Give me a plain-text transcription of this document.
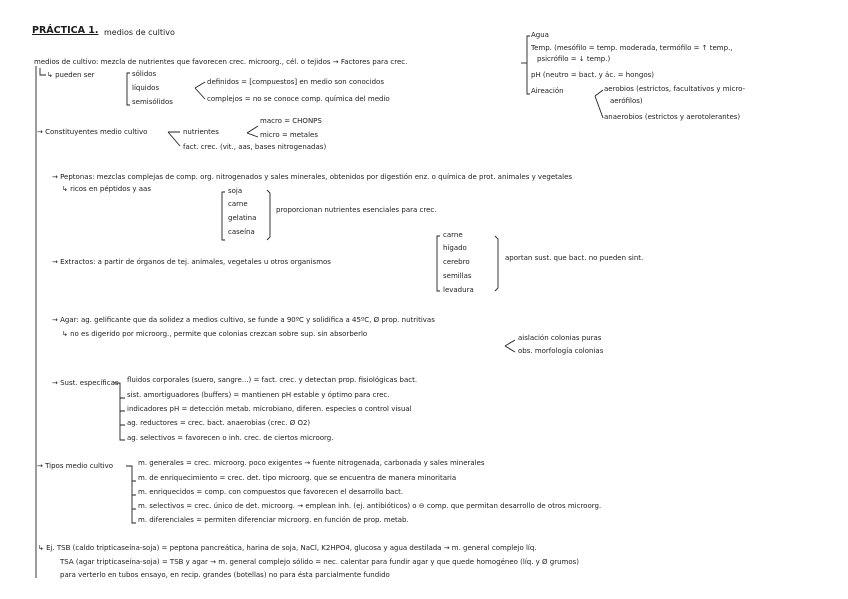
PRÁCTICA 1. medios de cultivo
medios de cultivo: mezcla de nutrientes que favorecen crec. microorg., cél. o tejidos → Factores para crec.
Agua
Temp. (mesófilo = temp. moderada, termófilo = ↑ temp.,
psicrófilo = ↓ temp.)
pH (neutro = bact. y ác. = hongos)
Aireación	aerobios (estrictos, facultativos y micro-
aerófilos)
anaerobios (estrictos y aerotolerantes)
↳ pueden ser	sólidos
líquidos
semisólidos
definidos = [compuestos] en medio son conocidos
complejos = no se conoce comp. química del medio
→ Constituyentes medio cultivo	nutrientes
macro = CHONPS
micro = metales
fact. crec. (vit., aas, bases nitrogenadas)
→ Peptonas: mezclas complejas de comp. org. nitrogenados y sales minerales, obtenidos por digestión enz. o química de prot. animales y vegetales
↳ ricos en péptidos y aas	soja
carne
gelatina
caseína
proporcionan nutrientes esenciales para crec.
→ Extractos: a partir de órganos de tej. animales, vegetales u otros organismos
carne
hígado
cerebro
semillas
levadura
aportan sust. que bact. no pueden sint.
→ Agar: ag. gelificante que da solidez a medios cultivo, se funde a 90ºC y solidifica a 45ºC, Ø prop. nutritivas
↳ no es digerido por microorg., permite que colonias crezcan sobre sup. sin absorberlo	aislación colonias puras
obs. morfología colonias
→ Sust. específicas fluidos corporales (suero, sangre...) = fact. crec. y detectan prop. fisiológicas bact.
sist. amortiguadores (buffers) = mantienen pH estable y óptimo para crec.
indicadores pH = detección metab. microbiano, diferen. especies o control visual
ag. reductores = crec. bact. anaerobias (crec. Ø O2)
ag. selectivos = favorecen o inh. crec. de ciertos microorg.
→ Tipos medio cultivo	m. generales = crec. microorg. poco exigentes → fuente nitrogenada, carbonada y sales minerales
m. de enriquecimiento = crec. det. tipo microorg. que se encuentra de manera minoritaria
m. enriquecidos = comp. con compuestos que favorecen el desarrollo bact.
m. selectivos = crec. único de det. microorg. → emplean inh. (ej. antibióticos) o ⊖ comp. que permitan desarrollo de otros microorg.
m. diferenciales = permiten diferenciar microorg. en función de prop. metab.
↳ Ej. TSB (caldo tripticaseína-soja) = peptona pancreática, harina de soja, NaCl, K2HPO4, glucosa y agua destilada → m. general complejo líq.
TSA (agar tripticaseína-soja) = TSB y agar → m. general complejo sólido = nec. calentar para fundir agar y que quede homogéneo (líq. y Ø grumos)
para verterlo en tubos ensayo, en recip. grandes (botellas) no para ésta parcialmente fundido
